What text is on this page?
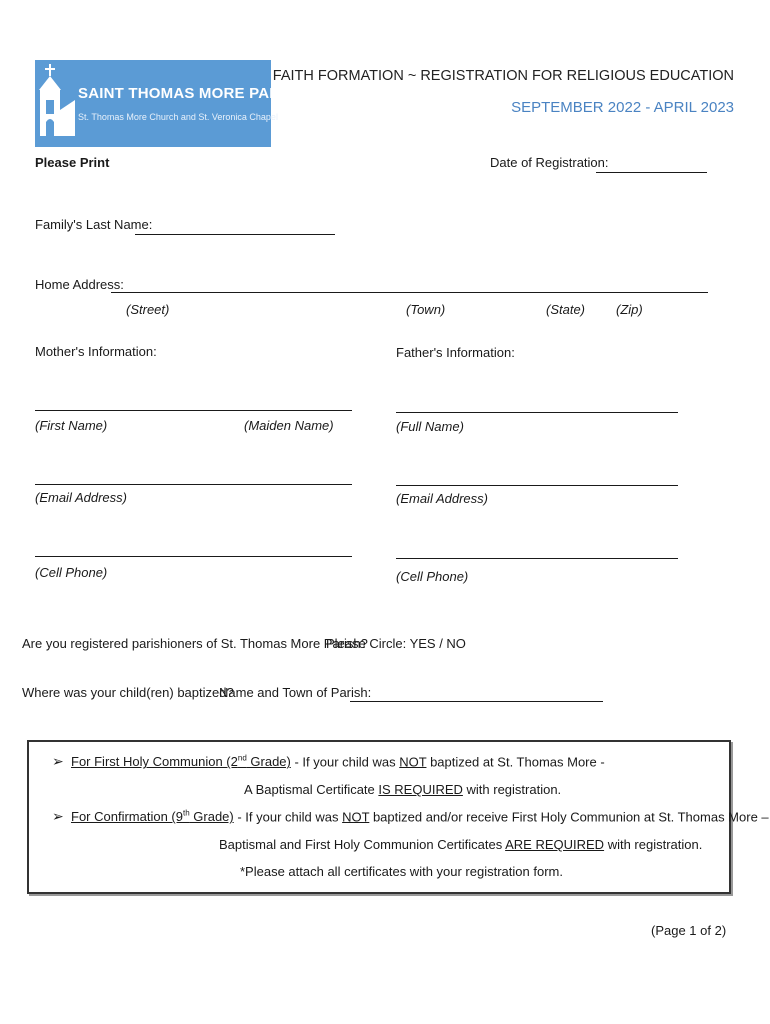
SAINT THOMAS MORE PARISH
St. Thomas More Church and St. Veronica Chapel
FAITH FORMATION ~ REGISTRATION FOR RELIGIOUS EDUCATION
SEPTEMBER 2022 - APRIL 2023
Please Print	Date of Registration:
Family's Last Name:
Home Address:
(Street)	(Town)	(State) (Zip)
Mother's Information:	Father's Information:
(First Name)	(Maiden Name)	(Full Name)
(Email Address)	(Email Address)
(Cell Phone)	(Cell Phone)
Are you registered parishioners of St. Thomas More Parish?
Please Circle: YES / NO
Where was your child(ren) baptized?
Name and Town of Parish:
➢ For First Holy Communion (2nd Grade) - If your child was NOT baptized at St. Thomas More -
A Baptismal Certificate IS REQUIRED with registration.
➢ For Confirmation (9th Grade) - If your child was NOT baptized and/or receive First Holy Communion at St. Thomas More –
Baptismal and First Holy Communion Certificates ARE REQUIRED with registration.
*Please attach all certificates with your registration form.
(Page 1 of 2)
